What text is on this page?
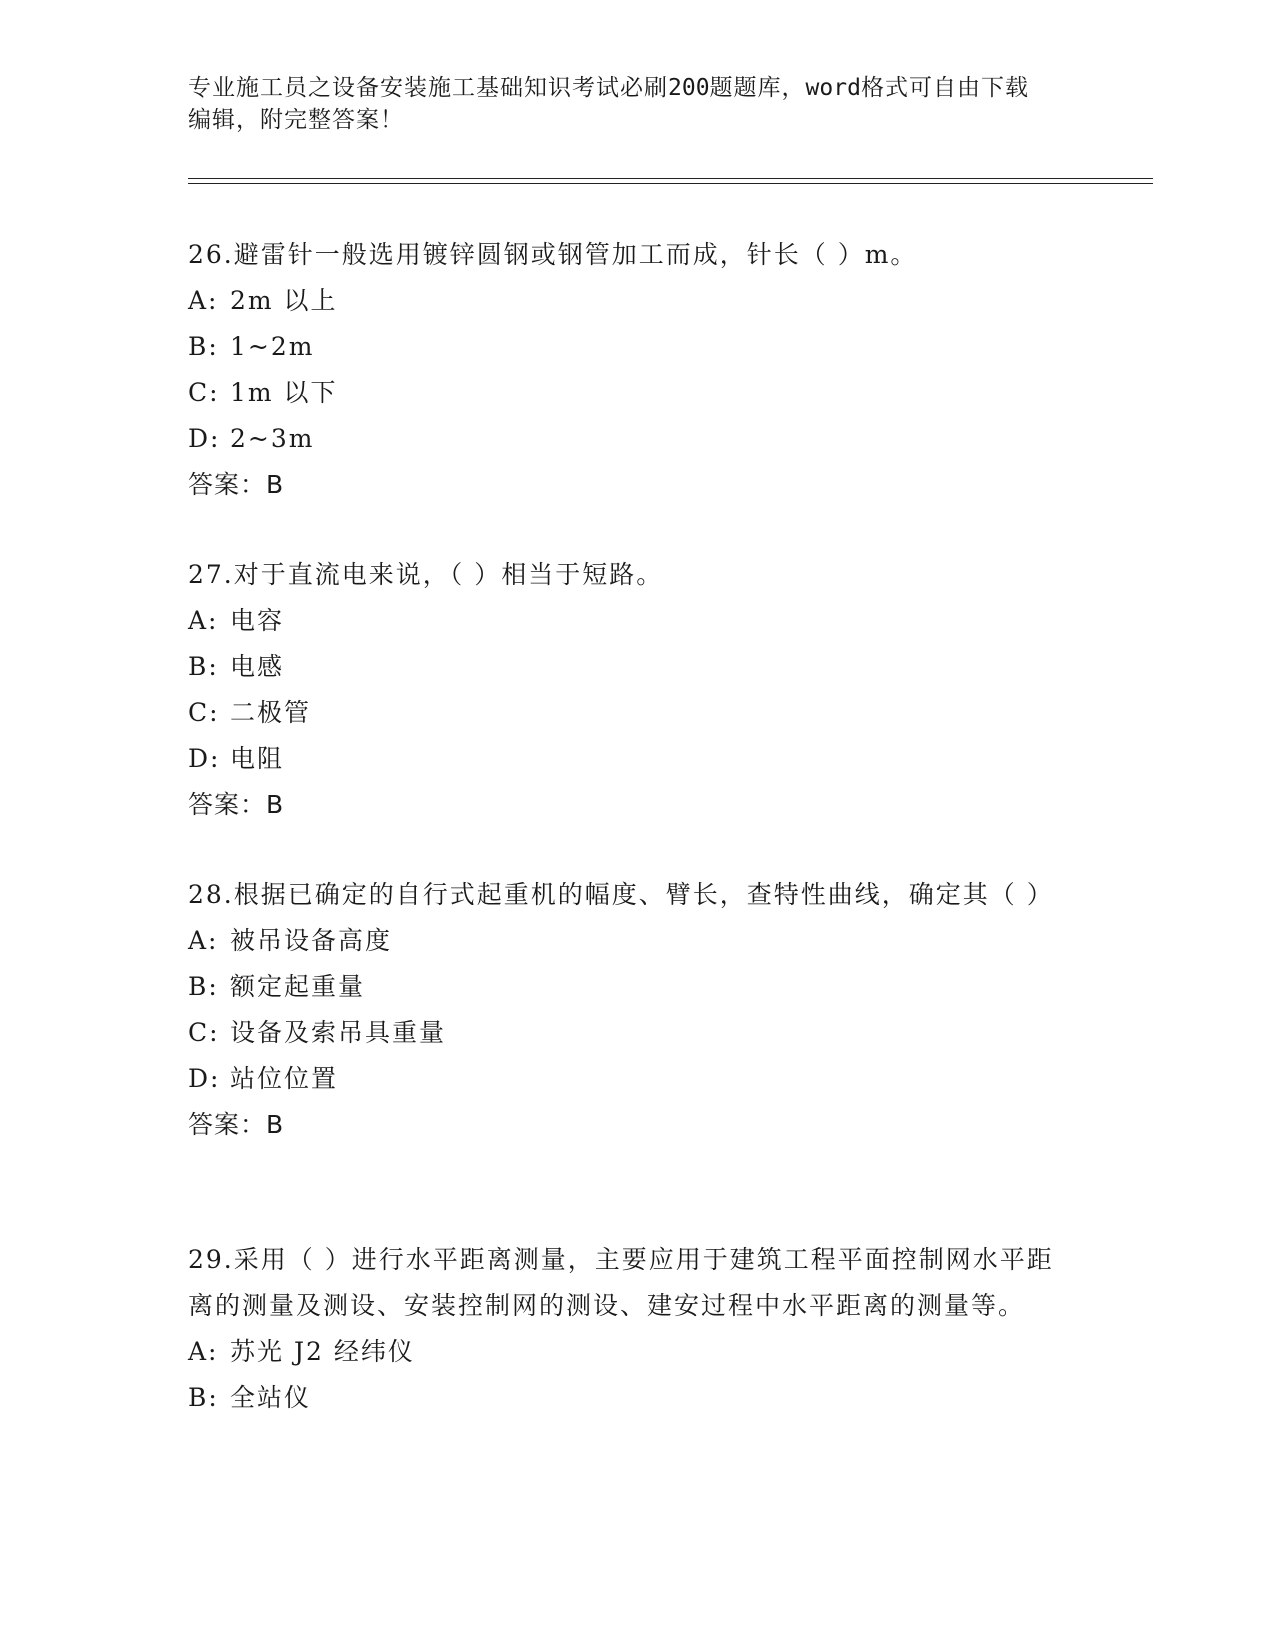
专业施工员之设备安装施工基础知识考试必刷200题题库，word格式可自由下载
编辑，附完整答案！

26.避雷针一般选用镀锌圆钢或钢管加工而成，针长（ ）m。

A: 2m 以上

B: 1~2m

C: 1m 以下

D: 2~3m

答案：B

27.对于直流电来说，（ ）相当于短路。

A: 电容

B: 电感

C: 二极管

D: 电阻

答案：B

28.根据已确定的自行式起重机的幅度、臂长，查特性曲线，确定其（ ）

A: 被吊设备高度

B: 额定起重量

C: 设备及索吊具重量

D: 站位位置

答案：B

29.采用（ ）进行水平距离测量，主要应用于建筑工程平面控制网水平距离的测量及测设、安装控制网的测设、建安过程中水平距离的测量等。

A: 苏光 J2 经纬仪

B: 全站仪
